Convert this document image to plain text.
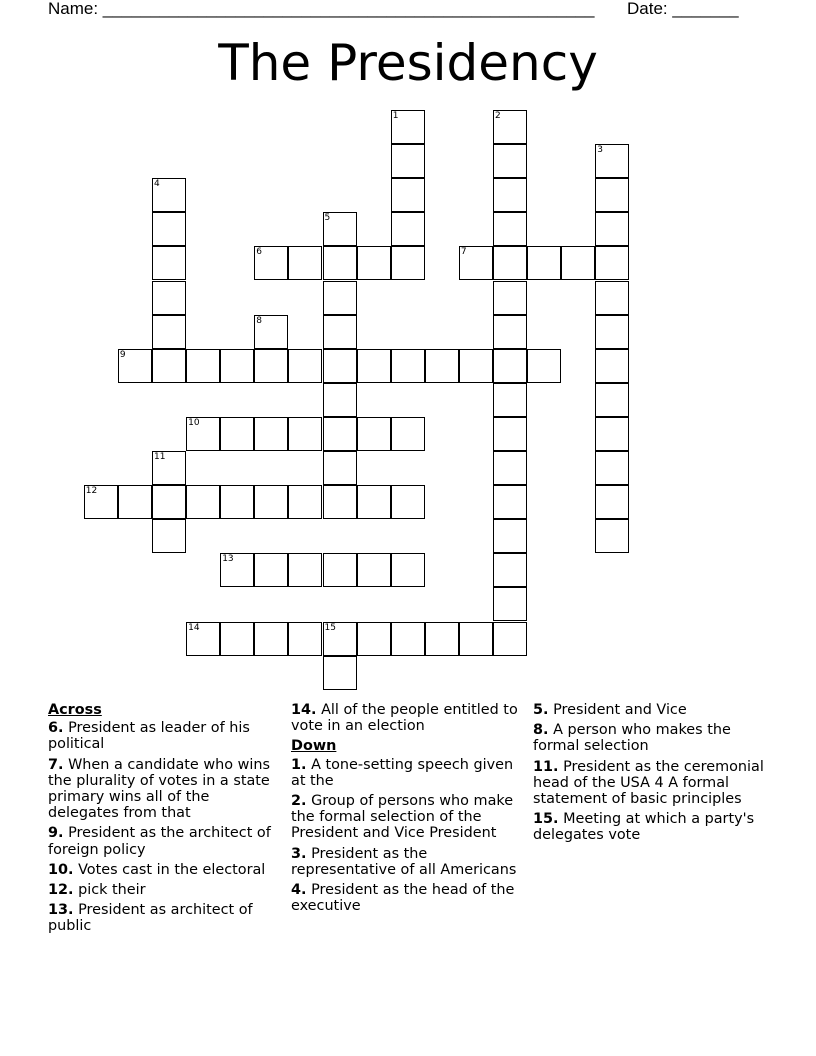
Name: ____________________________________________________ Date: _______
The Presidency
1	2
3
4
5
6	7
8
9
10
11
12
13
14	15
Across
6. President as leader of his political
7. When a candidate who wins the plurality of votes in a state primary wins all of the delegates from that
9. President as the architect of foreign policy
10. Votes cast in the electoral
12. pick their
13. President as architect of public
14. All of the people entitled to vote in an election
Down
1. A tone-setting speech given at the
2. Group of persons who make the formal selection of the President and Vice President
3. President as the representative of all Americans
4. President as the head of the executive
5. President and Vice
8. A person who makes the formal selection
11. President as the ceremonial head of the USA 4 A formal statement of basic principles
15. Meeting at which a party's delegates vote
